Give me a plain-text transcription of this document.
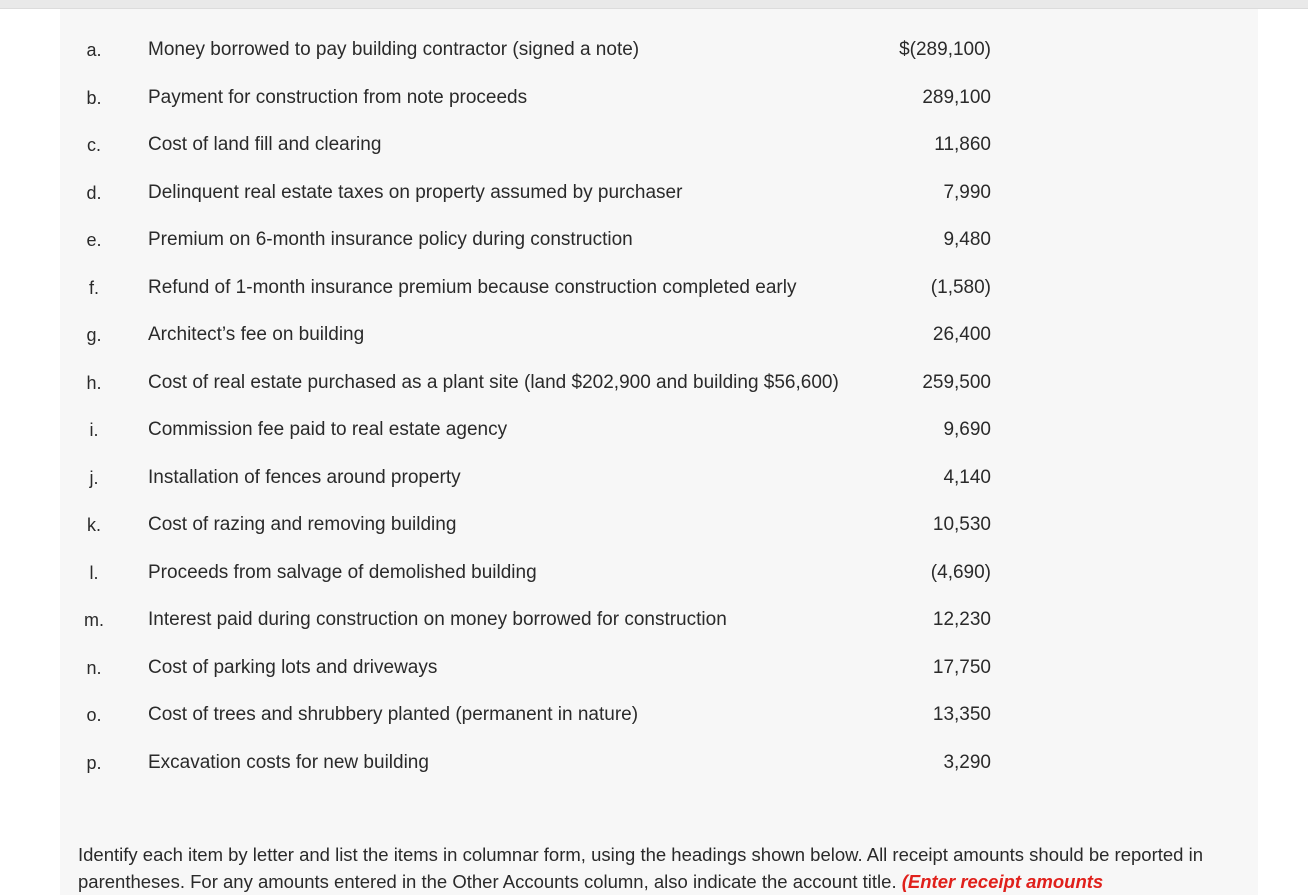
a.	Money borrowed to pay building contractor (signed a note)	$(289,100)
b.	Payment for construction from note proceeds	289,100
c.	Cost of land fill and clearing	11,860
d.	Delinquent real estate taxes on property assumed by purchaser	7,990
e.	Premium on 6-month insurance policy during construction	9,480
f.	Refund of 1-month insurance premium because construction completed early	(1,580)
g.	Architect’s fee on building	26,400
h.	Cost of real estate purchased as a plant site (land $202,900 and building $56,600)	259,500
i.	Commission fee paid to real estate agency	9,690
j.	Installation of fences around property	4,140
k.	Cost of razing and removing building	10,530
l.	Proceeds from salvage of demolished building	(4,690)
m. Interest paid during construction on money borrowed for construction	12,230
n.	Cost of parking lots and driveways	17,750
o.	Cost of trees and shrubbery planted (permanent in nature)	13,350
p.	Excavation costs for new building	3,290
Identify each item by letter and list the items in columnar form, using the headings shown below. All receipt amounts should be reported in parentheses. For any amounts entered in the Other Accounts column, also indicate the account title. (Enter receipt amounts
